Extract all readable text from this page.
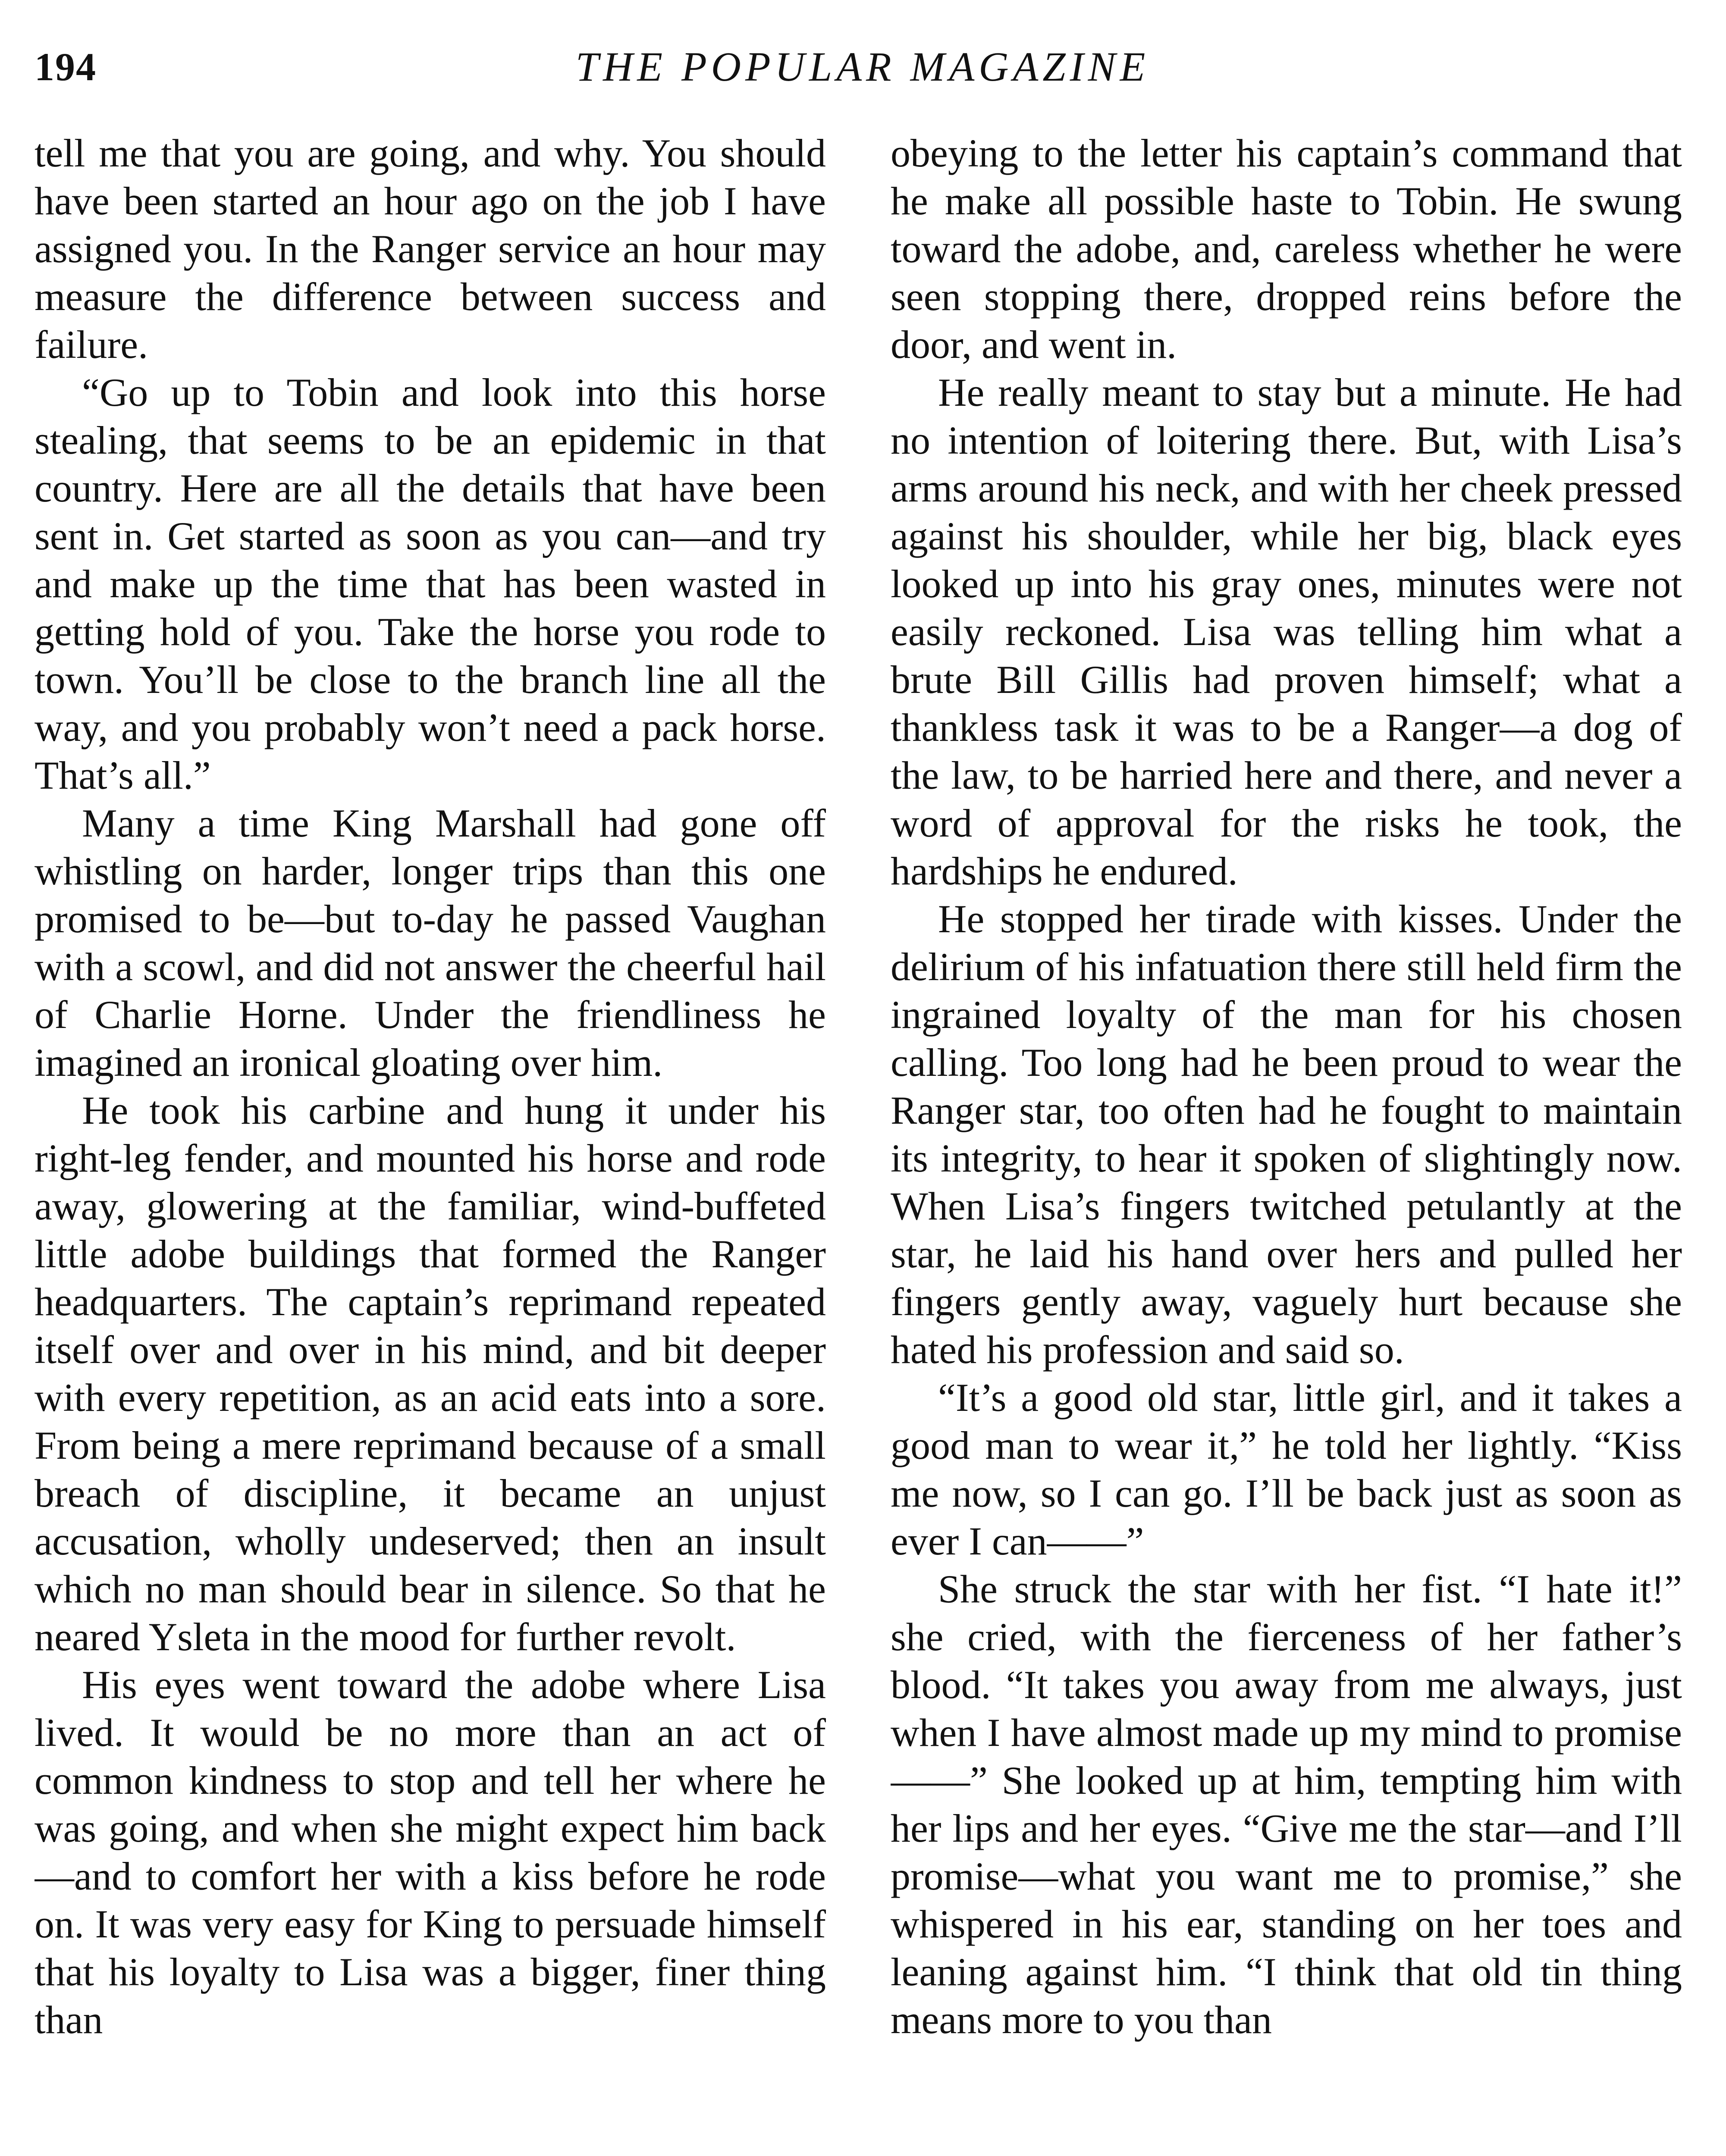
194	THE POPULAR MAGAZINE

tell me that you are going, and why. You should have been started an hour ago on the job I have assigned you. In the Ranger service an hour may measure the difference between success and failure.

“Go up to Tobin and look into this horse stealing, that seems to be an epidemic in that country. Here are all the details that have been sent in. Get started as soon as you can—and try and make up the time that has been wasted in getting hold of you. Take the horse you rode to town. You’ll be close to the branch line all the way, and you probably won’t need a pack horse. That’s all.”

Many a time King Marshall had gone off whistling on harder, longer trips than this one promised to be—but to-day he passed Vaughan with a scowl, and did not answer the cheerful hail of Charlie Horne. Under the friendliness he imagined an ironical gloating over him.

He took his carbine and hung it under his right-leg fender, and mounted his horse and rode away, glowering at the familiar, wind-buffeted little adobe buildings that formed the Ranger headquarters. The captain’s reprimand repeated itself over and over in his mind, and bit deeper with every repetition, as an acid eats into a sore. From being a mere reprimand because of a small breach of discipline, it became an unjust accusation, wholly undeserved; then an insult which no man should bear in silence. So that he neared Ysleta in the mood for further revolt.

His eyes went toward the adobe where Lisa lived. It would be no more than an act of common kindness to stop and tell her where he was going, and when she might expect him back—and to comfort her with a kiss before he rode on. It was very easy for King to persuade himself that his loyalty to Lisa was a bigger, finer thing than

obeying to the letter his captain’s command that he make all possible haste to Tobin. He swung toward the adobe, and, careless whether he were seen stopping there, dropped reins before the door, and went in.

He really meant to stay but a minute. He had no intention of loitering there. But, with Lisa’s arms around his neck, and with her cheek pressed against his shoulder, while her big, black eyes looked up into his gray ones, minutes were not easily reckoned. Lisa was telling him what a brute Bill Gillis had proven himself; what a thankless task it was to be a Ranger—a dog of the law, to be harried here and there, and never a word of approval for the risks he took, the hardships he endured.

He stopped her tirade with kisses. Under the delirium of his infatuation there still held firm the ingrained loyalty of the man for his chosen calling. Too long had he been proud to wear the Ranger star, too often had he fought to maintain its integrity, to hear it spoken of slightingly now. When Lisa’s fingers twitched petulantly at the star, he laid his hand over hers and pulled her fingers gently away, vaguely hurt because she hated his profession and said so.

“It’s a good old star, little girl, and it takes a good man to wear it,” he told her lightly. “Kiss me now, so I can go. I’ll be back just as soon as ever I can——”

She struck the star with her fist. “I hate it!” she cried, with the fierceness of her father’s blood. “It takes you away from me always, just when I have almost made up my mind to promise ——” She looked up at him, tempting him with her lips and her eyes. “Give me the star—and I’ll promise—what you want me to promise,” she whispered in his ear, standing on her toes and leaning against him. “I think that old tin thing means more to you than
